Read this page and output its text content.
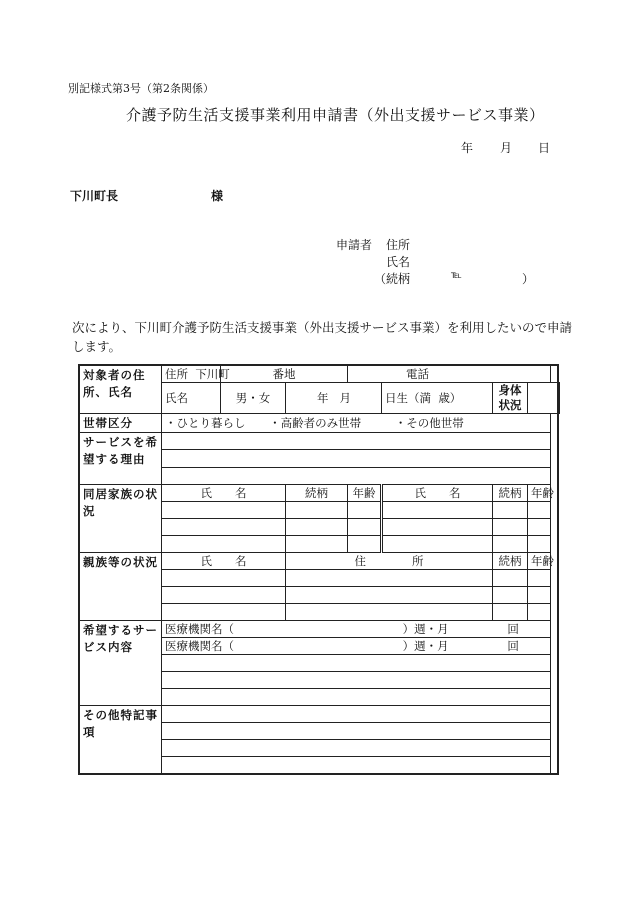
別記様式第3号（第2条関係）
介護予防生活支援事業利用申請書（外出支援サービス事業）
年 月 日
下川町長	様
申請者 住所
氏名
（続柄	℡	）
次により、下川町介護予防生活支援事業（外出支援サービス事業）を利用したいので申請します。
対象者の住所、氏名	住所 下川町	番地		電話			
	氏名	男・女	年 月		日生（満 歳）	身体
状況	

世帯区分	・ひとり暮らし ・高齢者のみ世帯 ・その他世帯						
サービスを希望する理由							

同居家族の状況	氏　　名		続柄	年齢	氏　　名	続柄	年齢

親族等の状況	氏　　名		住　　　　所			続柄	年齢

希望するサービス内容	医療機関名（ ）週・月 回						
	医療機関名（ ）週・月 回						

その他特記事項							
